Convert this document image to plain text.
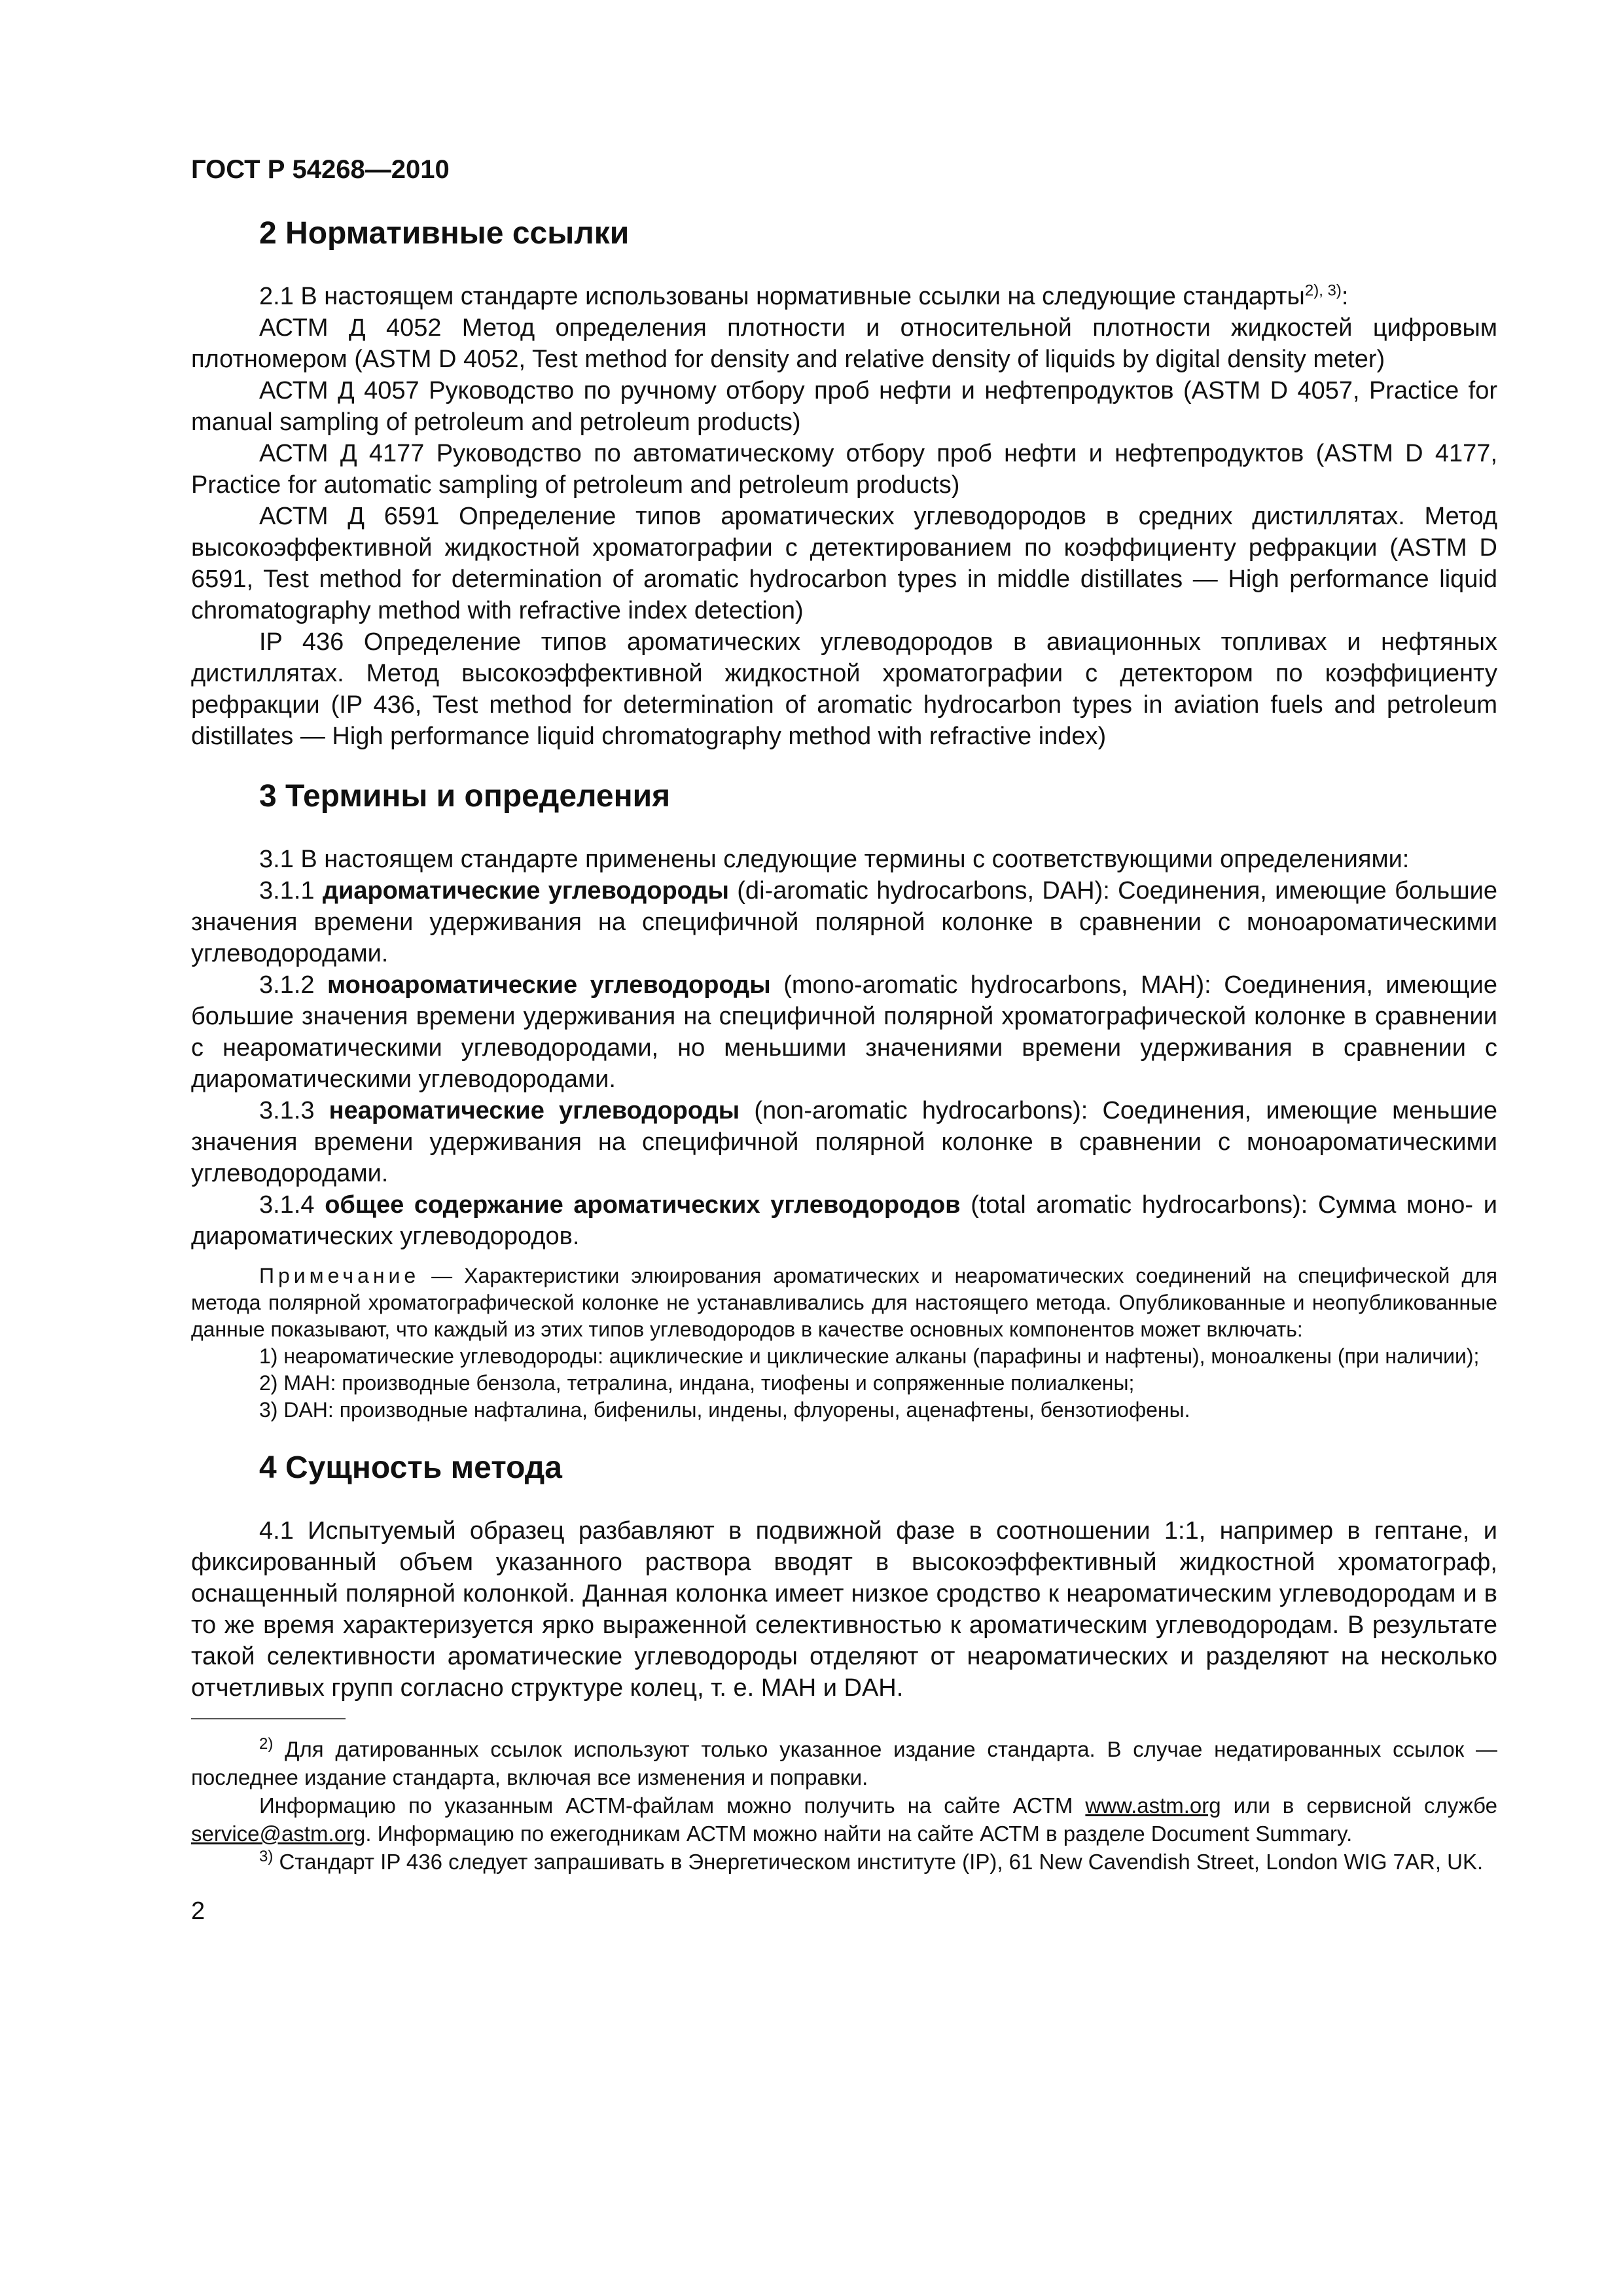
ГОСТ Р 54268—2010
2 Нормативные ссылки

2.1 В настоящем стандарте использованы нормативные ссылки на следующие стандарты$^{2), 3)}$:

АСТМ Д 4052 Метод определения плотности и относительной плотности жидкостей цифровым плотномером (ASTM D 4052, Test method for density and relative density of liquids by digital density meter)

АСТМ Д 4057 Руководство по ручному отбору проб нефти и нефтепродуктов (ASTM D 4057, Practice for manual sampling of petroleum and petroleum products)

АСТМ Д 4177 Руководство по автоматическому отбору проб нефти и нефтепродуктов (ASTM D 4177, Practice for automatic sampling of petroleum and petroleum products)

АСТМ Д 6591 Определение типов ароматических углеводородов в средних дистиллятах. Метод высокоэффективной жидкостной хроматографии с детектированием по коэффициенту рефракции (ASTM D 6591, Test method for determination of aromatic hydrocarbon types in middle distillates — High performance liquid chromatography method with refractive index detection)

IP 436 Определение типов ароматических углеводородов в авиационных топливах и нефтяных дистиллятах. Метод высокоэффективной жидкостной хроматографии с детектором по коэффициенту рефракции (IP 436, Test method for determination of aromatic hydrocarbon types in aviation fuels and petroleum distillates — High performance liquid chromatography method with refractive index)

3 Термины и определения

3.1 В настоящем стандарте применены следующие термины с соответствующими определениями:

3.1.1 диароматические углеводороды (di-aromatic hydrocarbons, DAH): Соединения, имеющие большие значения времени удерживания на специфичной полярной колонке в сравнении с моноароматическими углеводородами.

3.1.2 моноароматические углеводороды (mono-aromatic hydrocarbons, MAH): Соединения, имеющие большие значения времени удерживания на специфичной полярной хроматографической колонке в сравнении с неароматическими углеводородами, но меньшими значениями времени удерживания в сравнении с диароматическими углеводородами.

3.1.3 неароматические углеводороды (non-aromatic hydrocarbons): Соединения, имеющие меньшие значения времени удерживания на специфичной полярной колонке в сравнении с моноароматическими углеводородами.

3.1.4 общее содержание ароматических углеводородов (total aromatic hydrocarbons): Сумма моно- и диароматических углеводородов.

Примечание — Характеристики элюирования ароматических и неароматических соединений на специфической для метода полярной хроматографической колонке не устанавливались для настоящего метода. Опубликованные и неопубликованные данные показывают, что каждый из этих типов углеводородов в качестве основных компонентов может включать:

1) неароматические углеводороды: ациклические и циклические алканы (парафины и нафтены), моноалкены (при наличии);

2) MAH: производные бензола, тетралина, индана, тиофены и сопряженные полиалкены;

3) DAH: производные нафталина, бифенилы, индены, флуорены, аценафтены, бензотиофены.

4 Сущность метода

4.1 Испытуемый образец разбавляют в подвижной фазе в соотношении 1:1, например в гептане, и фиксированный объем указанного раствора вводят в высокоэффективный жидкостной хроматограф, оснащенный полярной колонкой. Данная колонка имеет низкое сродство к неароматическим углеводородам и в то же время характеризуется ярко выраженной селективностью к ароматическим углеводородам. В результате такой селективности ароматические углеводороды отделяют от неароматических и разделяют на несколько отчетливых групп согласно структуре колец, т. е. MAH и DAH.

$^{2)}$ Для датированных ссылок используют только указанное издание стандарта. В случае недатированных ссылок — последнее издание стандарта, включая все изменения и поправки.

Информацию по указанным АСТМ-файлам можно получить на сайте АСТМ www.astm.org или в сервисной службе service@astm.org. Информацию по ежегодникам АСТМ можно найти на сайте АСТМ в разделе Document Summary.

$^{3)}$ Стандарт IP 436 следует запрашивать в Энергетическом институте (IP), 61 New Cavendish Street, London WIG 7AR, UK.

2
